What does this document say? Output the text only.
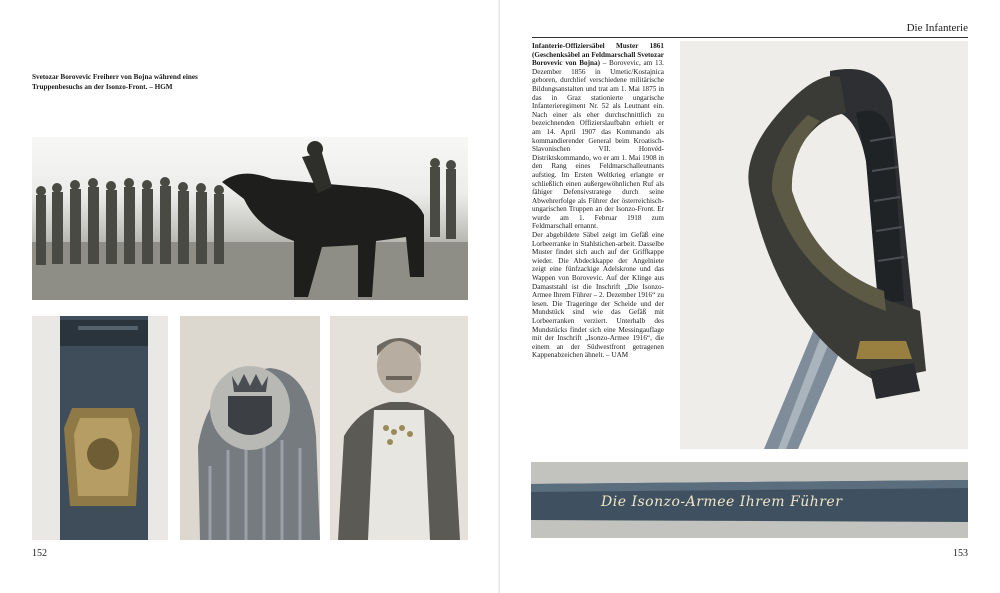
Svetozar Borovevic Freiherr von Bojna während eines Truppenbesuchs an der Isonzo-Front. – HGM
152
Die Infanterie

Infanterie-Offiziersäbel Muster 1861 (Geschenksäbel an Feldmarschall Svetozar Borovevic von Bojna) – Borovevic, am 13. Dezember 1856 in Umetic/Kostajnica geboren, durchlief verschiedene militärische Bildungsanstalten und trat am 1. Mai 1875 in das in Graz stationierte ungarische Infanterieregiment Nr. 52 als Leutnant ein. Nach einer als eher durchschnittlich zu bezeichnenden Offizierslaufbahn erhielt er am 14. April 1907 das Kommando als kommandierender General beim Kroatisch-Slavonischen VII. Honvéd-Distriktskommando, wo er am 1. Mai 1908 in den Rang eines Feldmarschalleutnants aufstieg. Im Ersten Weltkrieg erlangte er schließlich einen außergewöhnlichen Ruf als fähiger Defensivstratege durch seine Abwehrerfolge als Führer der österreichisch-ungarischen Truppen an der Isonzo-Front. Er wurde am 1. Februar 1918 zum Feldmarschall ernannt.

Der abgebildete Säbel zeigt im Gefäß eine Lorbeerranke in Stahlstichen-arbeit. Dasselbe Muster findet sich auch auf der Griffkappe wieder. Die Abdeckkappe der Angelniete zeigt eine fünfzackige Adelskrone und das Wappen von Borovevic. Auf der Klinge aus Damaststahl ist die Inschrift „Die Isonzo-Armee Ihrem Führer – 2. Dezember 1916“ zu lesen. Die Trageringe der Scheide und der Mundstück sind wie das Gefäß mit Lorbeerranken verziert. Unterhalb des Mundstücks findet sich eine Messingauflage mit der Inschrift „Isonzo-Armee 1916“, die einem an der Südwestfront getragenen Kappenabzeichen ähnelt. – UAM

Die Isonzo-Armee Ihrem Führer
153
